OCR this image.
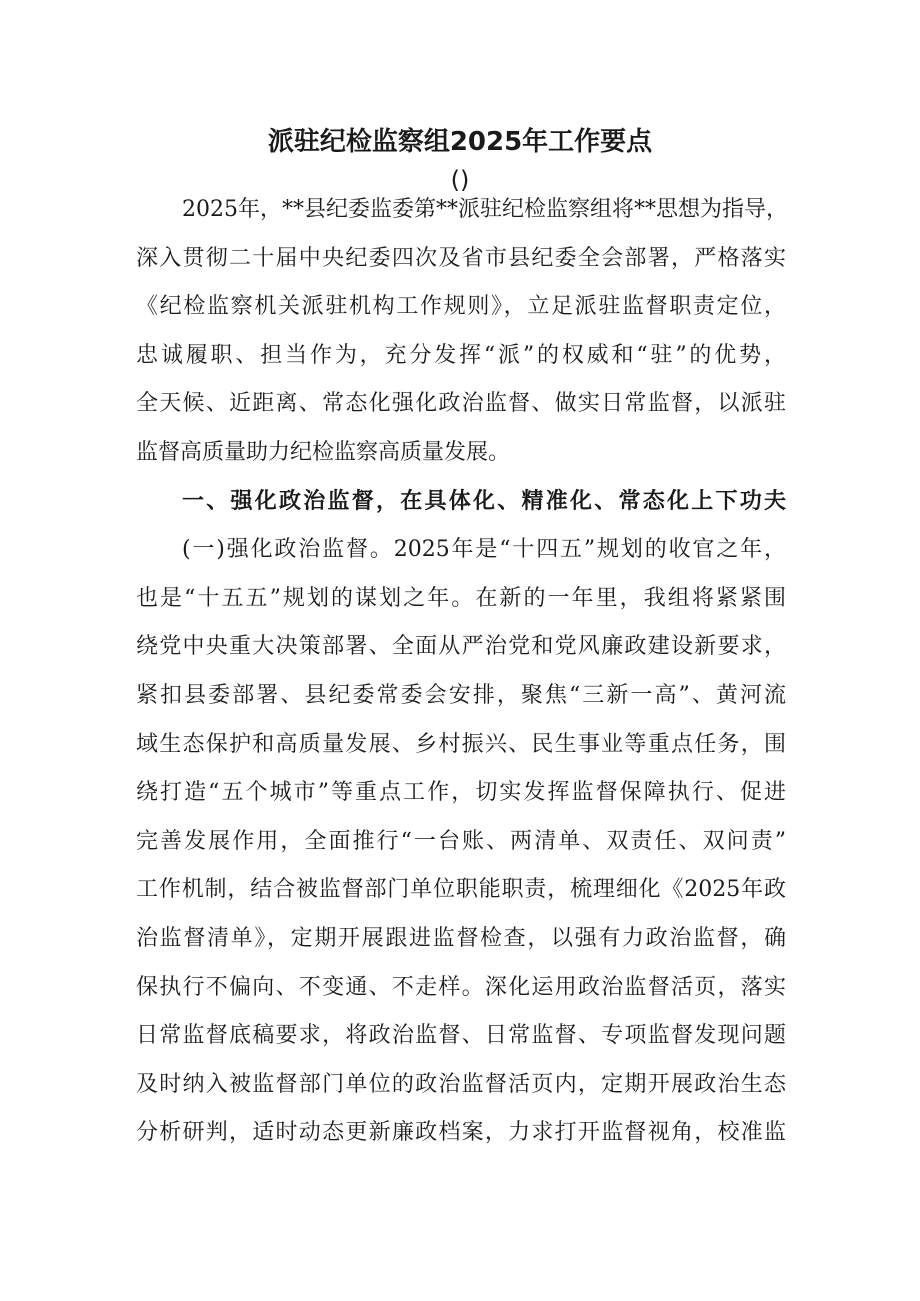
派驻纪检监察组2025年工作要点
()
2025年，**县纪委监委第**派驻纪检监察组将**思想为指导，
深入贯彻二十届中央纪委四次及省市县纪委全会部署，严格落实
《纪检监察机关派驻机构工作规则》，立足派驻监督职责定位，
忠诚履职、担当作为，充分发挥“派”的权威和“驻”的优势，
全天候、近距离、常态化强化政治监督、做实日常监督，以派驻
监督高质量助力纪检监察高质量发展。
一、强化政治监督，在具体化、精准化、常态化上下功夫
(一)强化政治监督。2025年是“十四五”规划的收官之年，
也是“十五五”规划的谋划之年。在新的一年里，我组将紧紧围
绕党中央重大决策部署、全面从严治党和党风廉政建设新要求，
紧扣县委部署、县纪委常委会安排，聚焦“三新一高”、黄河流
域生态保护和高质量发展、乡村振兴、民生事业等重点任务，围
绕打造“五个城市”等重点工作，切实发挥监督保障执行、促进
完善发展作用，全面推行“一台账、两清单、双责任、双问责”
工作机制，结合被监督部门单位职能职责，梳理细化《2025年政
治监督清单》，定期开展跟进监督检查，以强有力政治监督，确
保执行不偏向、不变通、不走样。深化运用政治监督活页，落实
日常监督底稿要求，将政治监督、日常监督、专项监督发现问题
及时纳入被监督部门单位的政治监督活页内，定期开展政治生态
分析研判，适时动态更新廉政档案，力求打开监督视角，校准监
